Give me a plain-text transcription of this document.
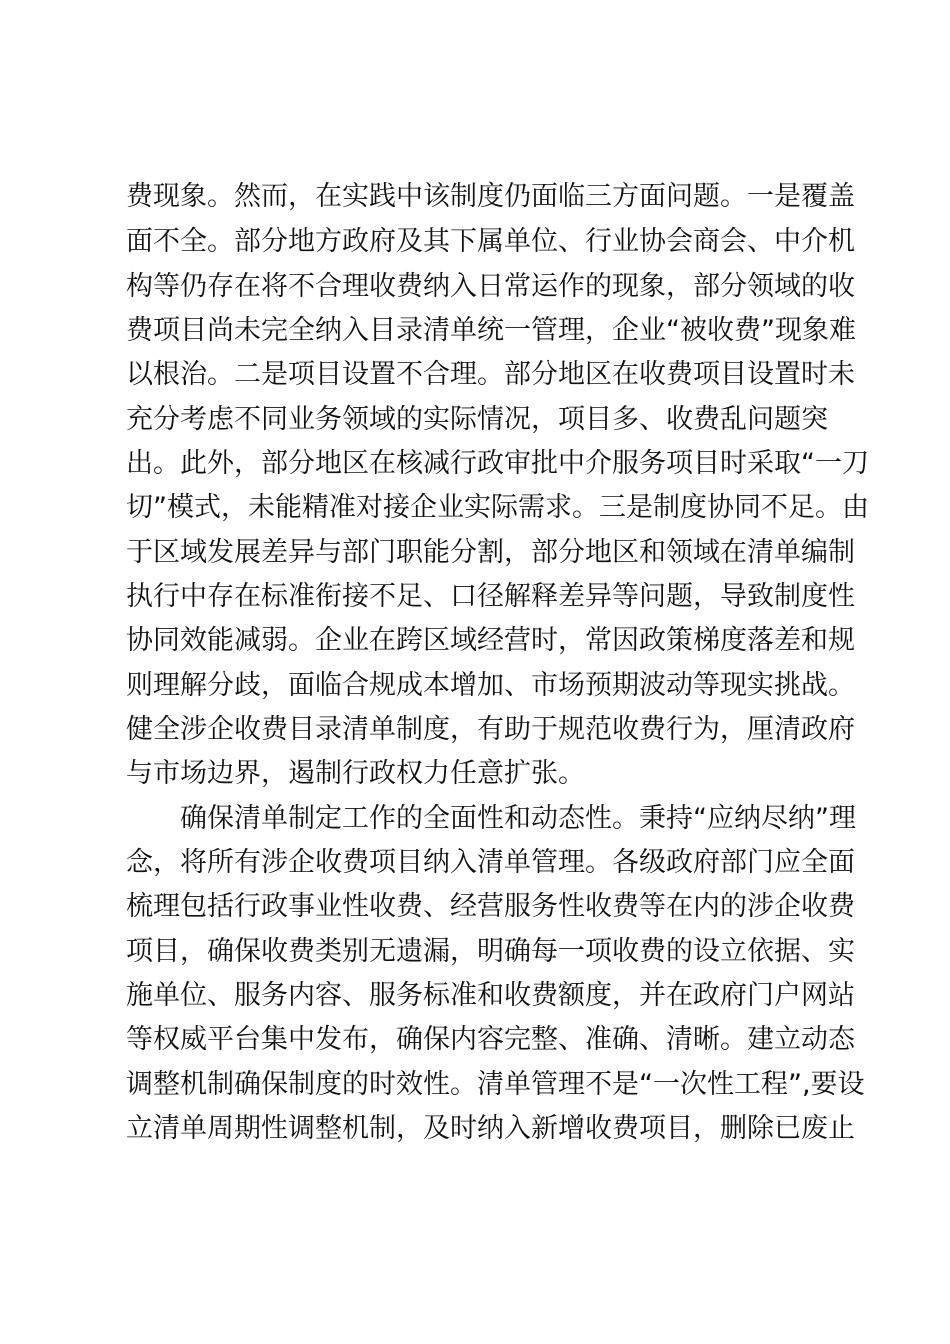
费现象。然而，在实践中该制度仍面临三方面问题。一是覆盖
面不全。部分地方政府及其下属单位、行业协会商会、中介机
构等仍存在将不合理收费纳入日常运作的现象，部分领域的收
费项目尚未完全纳入目录清单统一管理，企业“被收费”现象难
以根治。二是项目设置不合理。部分地区在收费项目设置时未
充分考虑不同业务领域的实际情况，项目多、收费乱问题突
出。此外，部分地区在核减行政审批中介服务项目时采取“一刀
切”模式，未能精准对接企业实际需求。三是制度协同不足。由
于区域发展差异与部门职能分割，部分地区和领域在清单编制
执行中存在标准衔接不足、口径解释差异等问题，导致制度性
协同效能减弱。企业在跨区域经营时，常因政策梯度落差和规
则理解分歧，面临合规成本增加、市场预期波动等现实挑战。
健全涉企收费目录清单制度，有助于规范收费行为，厘清政府
与市场边界，遏制行政权力任意扩张。
确保清单制定工作的全面性和动态性。秉持“应纳尽纳”理
念，将所有涉企收费项目纳入清单管理。各级政府部门应全面
梳理包括行政事业性收费、经营服务性收费等在内的涉企收费
项目，确保收费类别无遗漏，明确每一项收费的设立依据、实
施单位、服务内容、服务标准和收费额度，并在政府门户网站
等权威平台集中发布，确保内容完整、准确、清晰。建立动态
调整机制确保制度的时效性。清单管理不是“一次性工程”,要设
立清单周期性调整机制，及时纳入新增收费项目，删除已废止
